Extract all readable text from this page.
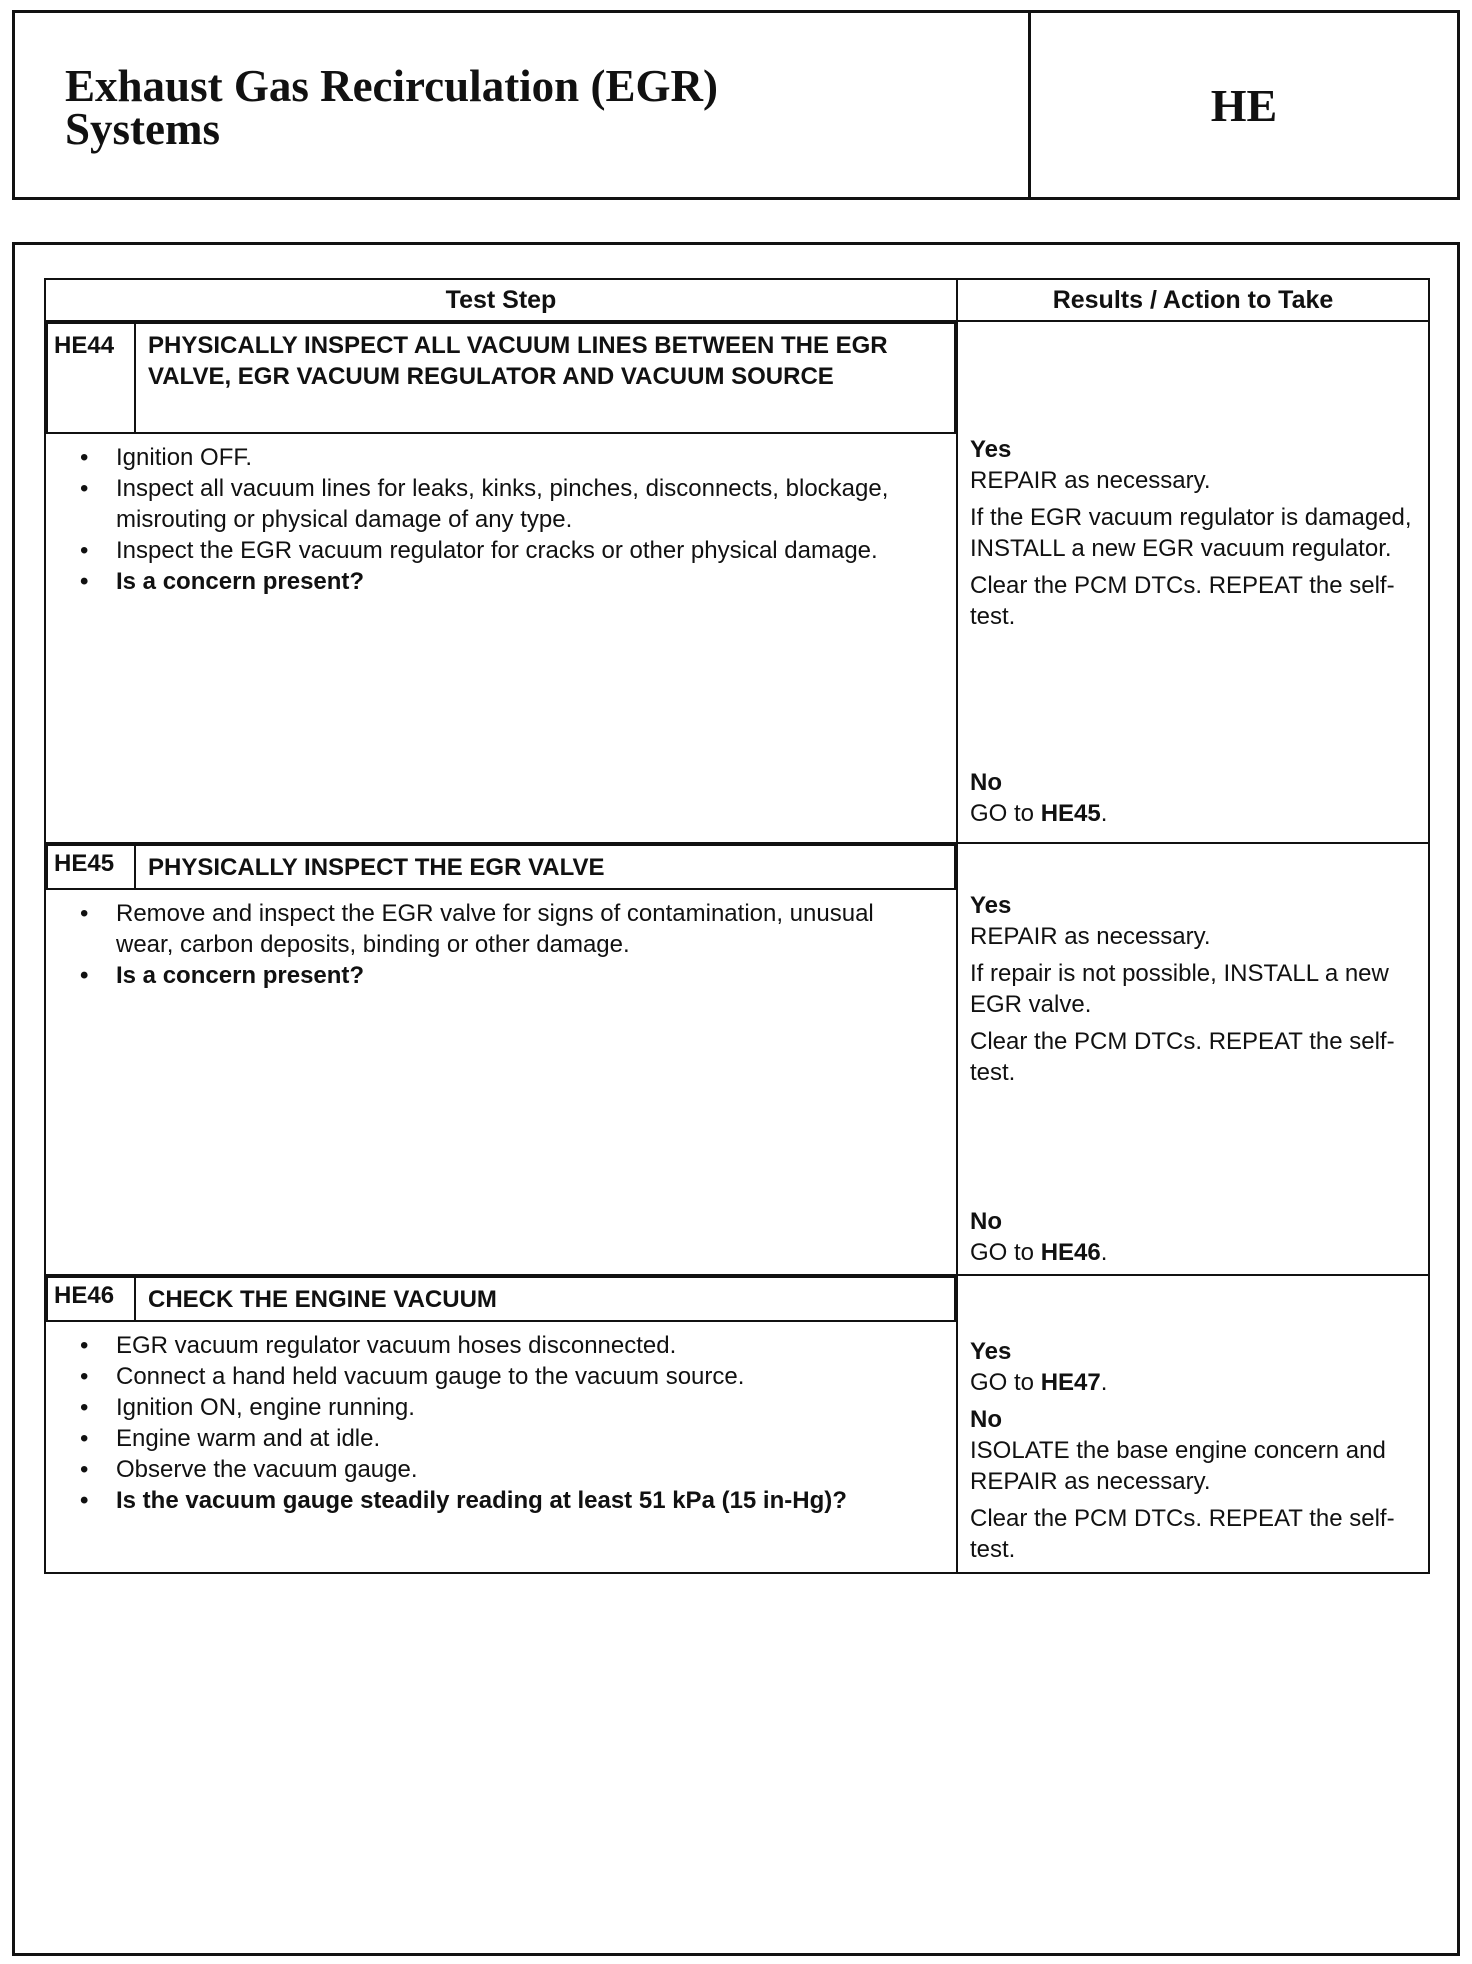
Exhaust Gas Recirculation (EGR)
Systems	HE
Test Step	Results / Action to Take

HE44	PHYSICALLY INSPECT ALL VACUUM LINES BETWEEN THE EGR VALVE, EGR VACUUM REGULATOR AND VACUUM SOURCE
• Ignition OFF.
• Inspect all vacuum lines for leaks, kinks, pinches, disconnects, blockage, misrouting or physical damage of any type.
• Inspect the EGR vacuum regulator for cracks or other physical damage.
• Is a concern present?

Yes

REPAIR as necessary.

If the EGR vacuum regulator is damaged, INSTALL a new EGR vacuum regulator.

Clear the PCM DTCs. REPEAT the self-test.

No
GO to HE45.

HE45	PHYSICALLY INSPECT THE EGR VALVE
• Remove and inspect the EGR valve for signs of contamination, unusual wear, carbon deposits, binding or other damage.
• Is a concern present?

Yes

REPAIR as necessary.

If repair is not possible, INSTALL a new EGR valve.

Clear the PCM DTCs. REPEAT the self-test.

No
GO to HE46.

HE46	CHECK THE ENGINE VACUUM
• EGR vacuum regulator vacuum hoses disconnected.
• Connect a hand held vacuum gauge to the vacuum source.
• Ignition ON, engine running.
• Engine warm and at idle.
• Observe the vacuum gauge.
• Is the vacuum gauge steadily reading at least 51 kPa (15 in-Hg)?

Yes

GO to HE47.

No

ISOLATE the base engine concern and REPAIR as necessary.

Clear the PCM DTCs. REPEAT the self-test.
